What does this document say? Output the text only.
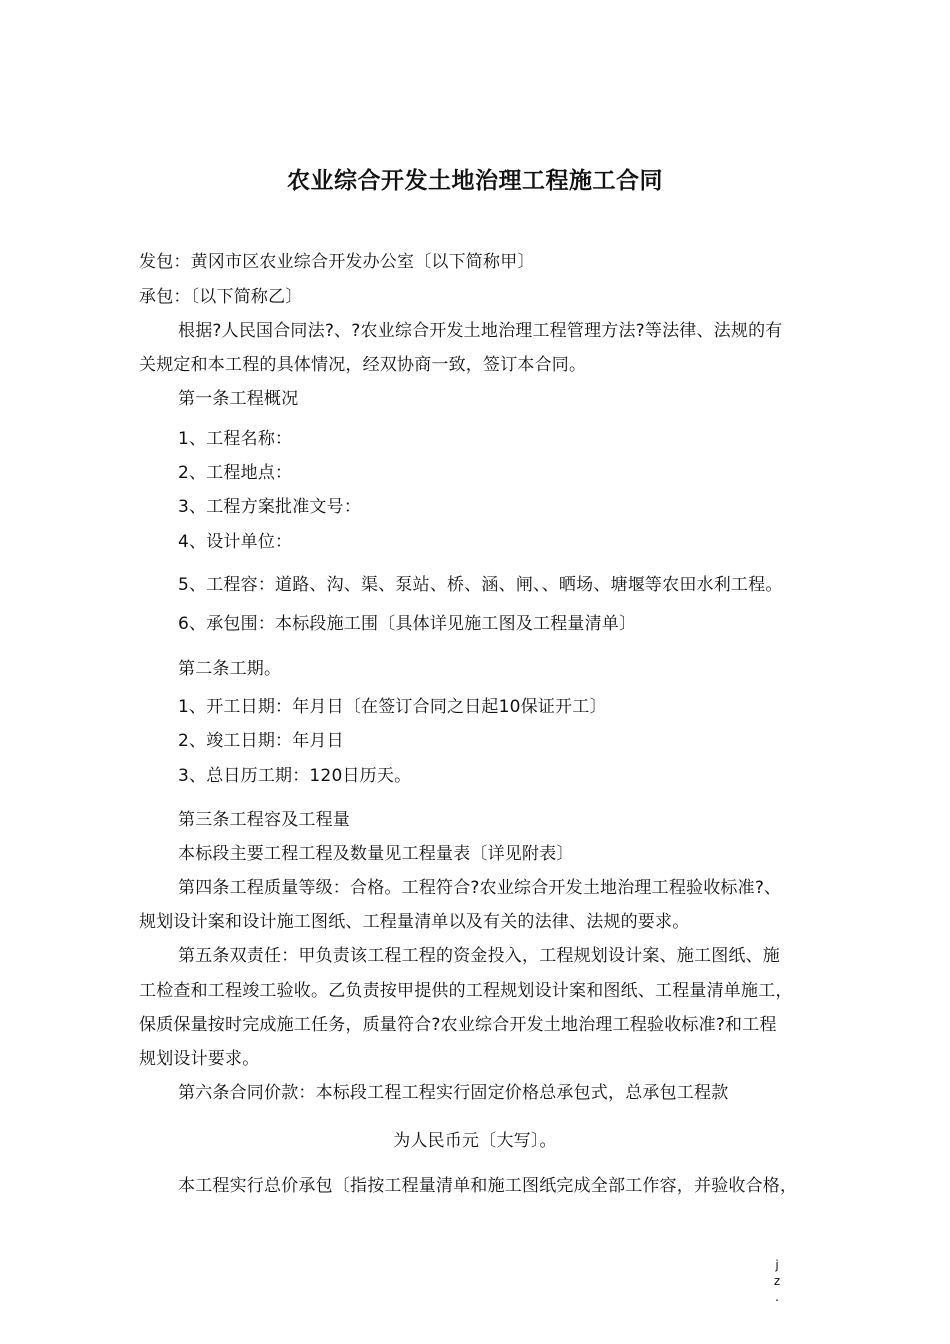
农业综合开发土地治理工程施工合同
发包：黄冈市区农业综合开发办公室〔以下简称甲〕
承包：〔以下简称乙〕
根据?人民国合同法?、?农业综合开发土地治理工程管理方法?等法律、法规的有
关规定和本工程的具体情况，经双协商一致，签订本合同。
第一条工程概况
1、工程名称：
2、工程地点：
3、工程方案批准文号：
4、设计单位：
5、工程容：道路、沟、渠、泵站、桥、涵、闸、、晒场、塘堰等农田水利工程。
6、承包围：本标段施工围〔具体详见施工图及工程量清单〕
第二条工期。
1、开工日期：年月日〔在签订合同之日起10保证开工〕
2、竣工日期：年月日
3、总日历工期：120日历天。
第三条工程容及工程量
本标段主要工程工程及数量见工程量表〔详见附表〕
第四条工程质量等级：合格。工程符合?农业综合开发土地治理工程验收标准?、
规划设计案和设计施工图纸、工程量清单以及有关的法律、法规的要求。
第五条双责任：甲负责该工程工程的资金投入，工程规划设计案、施工图纸、施
工检查和工程竣工验收。乙负责按甲提供的工程规划设计案和图纸、工程量清单施工，
保质保量按时完成施工任务，质量符合?农业综合开发土地治理工程验收标准?和工程
规划设计要求。
第六条合同价款：本标段工程工程实行固定价格总承包式，总承包工程款
为人民币元〔大写〕。
本工程实行总价承包〔指按工程量清单和施工图纸完成全部工作容，并验收合格，
j
z
.
